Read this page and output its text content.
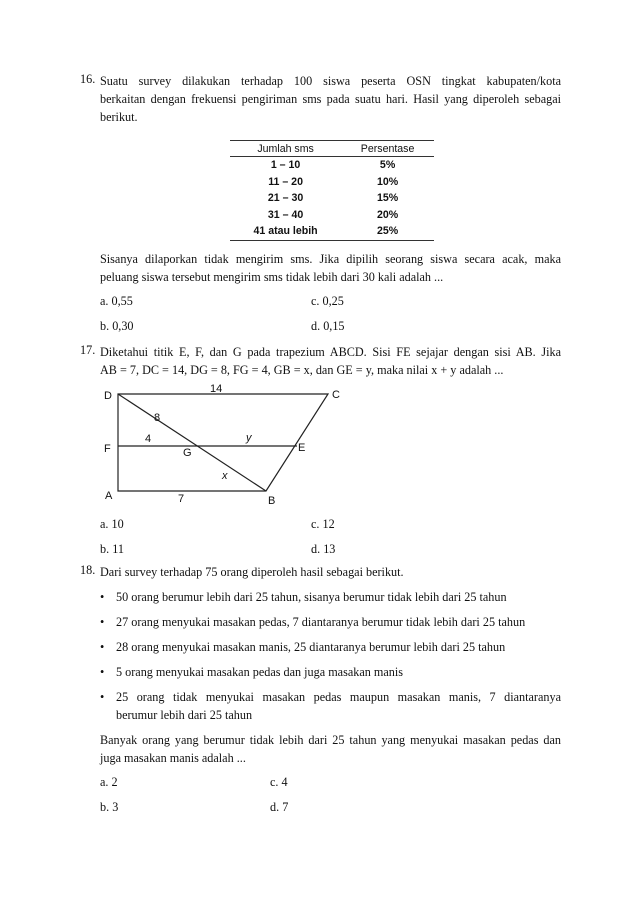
16. Suatu survey dilakukan terhadap 100 siswa peserta OSN tingkat kabupaten/kota
berkaitan dengan frekuensi pengiriman sms pada suatu hari. Hasil yang diperoleh sebagai
berikut.
Jumlah sms	Persentase
1 – 10	5%
11 – 20	10%
21 – 30	15%
31 – 40	20%
41 atau lebih	25%
Sisanya dilaporkan tidak mengirim sms. Jika dipilih seorang siswa secara acak, maka
peluang siswa tersebut mengirim sms tidak lebih dari 30 kali adalah ...
a. 0,55	c. 0,25
b. 0,30	d. 0,15
17. Diketahui titik E, F, dan G pada trapezium ABCD. Sisi FE sejajar dengan sisi AB. Jika
AB = 7, DC = 14, DG = 8, FG = 4, GB = x, dan GE = y, maka nilai x + y adalah ...
D	C
F	E
G
A	B
14
8
4	y
x
7
a. 10	c. 12
b. 11	d. 13
18. Dari survey terhadap 75 orang diperoleh hasil sebagai berikut.
• 50 orang berumur lebih dari 25 tahun, sisanya berumur tidak lebih dari 25 tahun
• 27 orang menyukai masakan pedas, 7 diantaranya berumur tidak lebih dari 25 tahun
• 28 orang menyukai masakan manis, 25 diantaranya berumur lebih dari 25 tahun
• 5 orang menyukai masakan pedas dan juga masakan manis
• 25 orang tidak menyukai masakan pedas maupun masakan manis, 7 diantaranya
berumur lebih dari 25 tahun
Banyak orang yang berumur tidak lebih dari 25 tahun yang menyukai masakan pedas dan
juga masakan manis adalah ...
a. 2	c. 4
b. 3	d. 7
